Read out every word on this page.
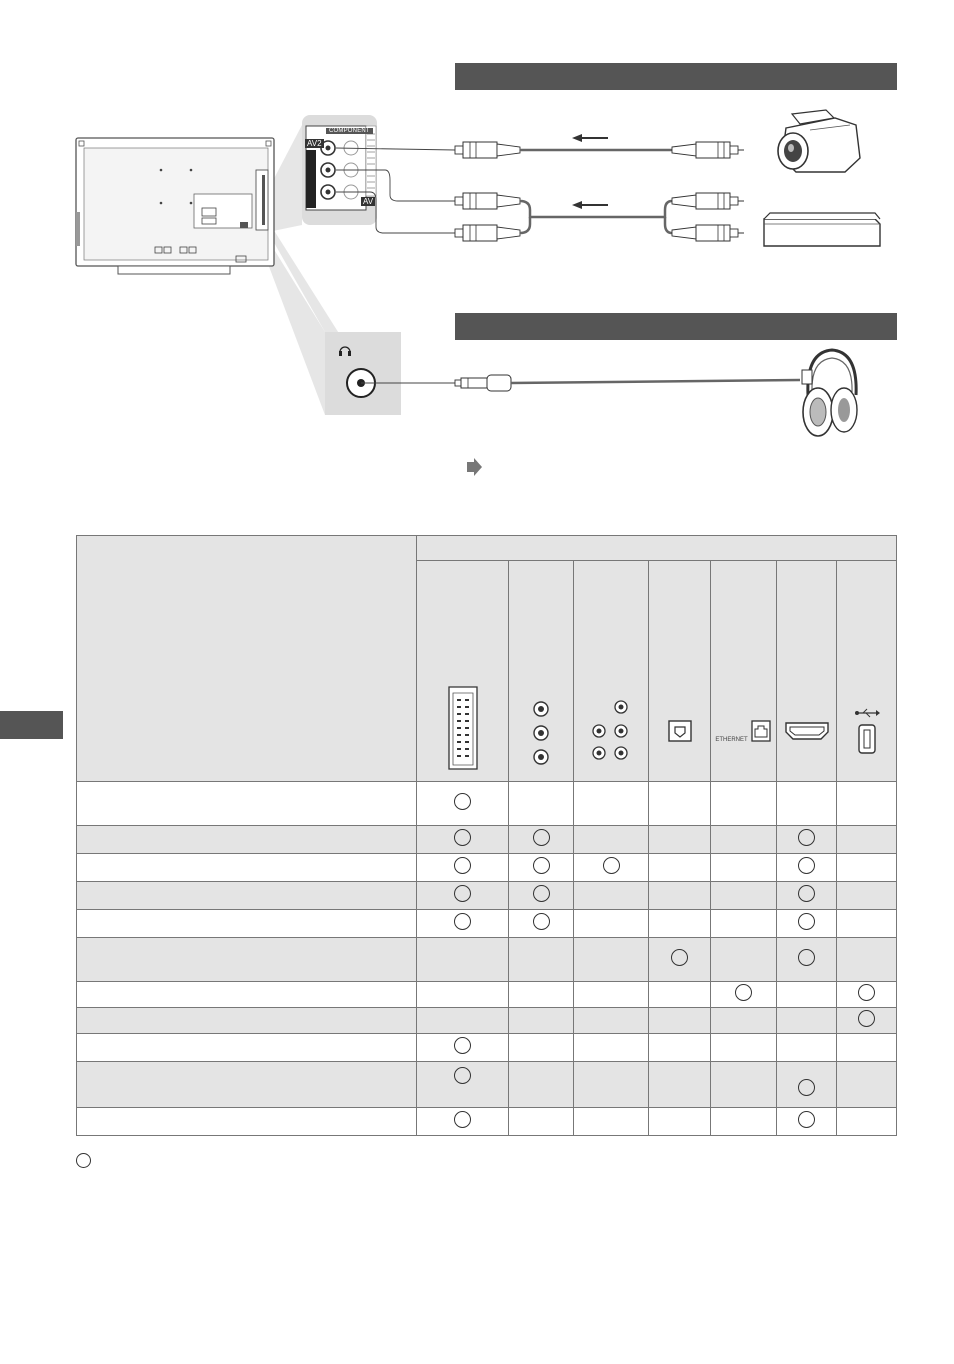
AV2
COMPONENT
AV

ETHERNET
